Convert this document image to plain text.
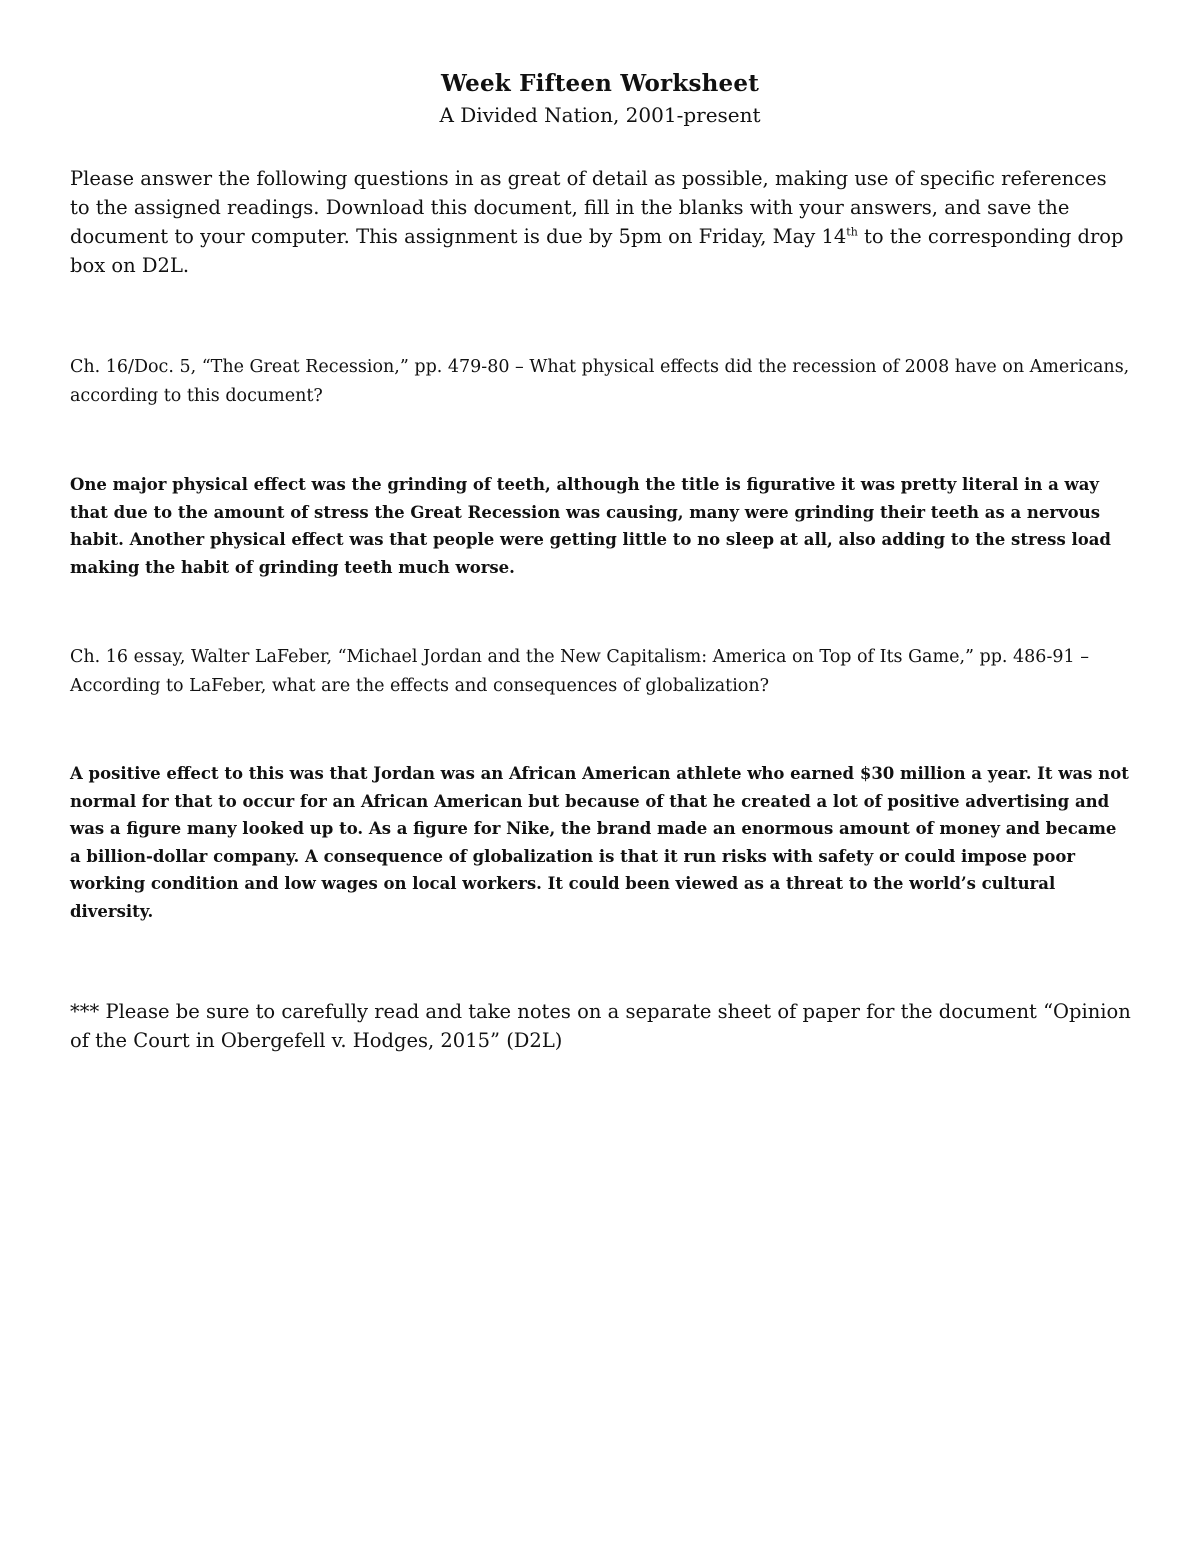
Week Fifteen Worksheet

A Divided Nation, 2001-present

Please answer the following questions in as great of detail as possible, making use of specific references to the assigned readings. Download this document, fill in the blanks with your answers, and save the document to your computer. This assignment is due by 5pm on Friday, May 14th to the corresponding drop box on D2L.

Ch. 16/Doc. 5, “The Great Recession,” pp. 479-80 – What physical effects did the recession of 2008 have on Americans, according to this document?

One major physical effect was the grinding of teeth, although the title is figurative it was pretty literal in a way that due to the amount of stress the Great Recession was causing, many were grinding their teeth as a nervous habit. Another physical effect was that people were getting little to no sleep at all, also adding to the stress load making the habit of grinding teeth much worse.

Ch. 16 essay, Walter LaFeber, “Michael Jordan and the New Capitalism: America on Top of Its Game,” pp. 486-91 – According to LaFeber, what are the effects and consequences of globalization?

A positive effect to this was that Jordan was an African American athlete who earned $30 million a year. It was not normal for that to occur for an African American but because of that he created a lot of positive advertising and was a figure many looked up to. As a figure for Nike, the brand made an enormous amount of money and became a billion-dollar company. A consequence of globalization is that it run risks with safety or could impose poor working condition and low wages on local workers. It could been viewed as a threat to the world’s cultural diversity.

*** Please be sure to carefully read and take notes on a separate sheet of paper for the document “Opinion of the Court in Obergefell v. Hodges, 2015” (D2L)
